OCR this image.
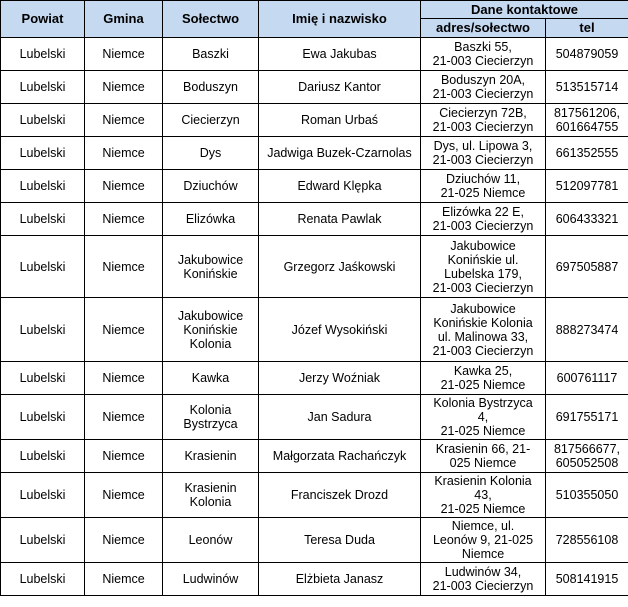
Powiat	Gmina	Sołectwo	Imię i nazwisko	Dane kontaktowe	
				adres/sołectwo	tel

Lubelski	Niemce	Baszki	Ewa Jakubas	Baszki 55,
21-003 Ciecierzyn	504879059

Lubelski	Niemce	Boduszyn	Dariusz Kantor	Boduszyn 20A,
21-003 Ciecierzyn	513515714

Lubelski	Niemce	Ciecierzyn	Roman Urbaś	Ciecierzyn 72B,
21-003 Ciecierzyn	817561206,
601664755

Lubelski	Niemce	Dys	Jadwiga Buzek-Czarnolas	Dys, ul. Lipowa 3,
21-003 Ciecierzyn	661352555

Lubelski	Niemce	Dziuchów	Edward Klępka	Dziuchów 11,
21-025 Niemce	512097781

Lubelski	Niemce	Elizówka	Renata Pawlak	Elizówka 22 E,
21-003 Ciecierzyn	606433321

Lubelski	Niemce	Jakubowice
Konińskie	Grzegorz Jaśkowski	Jakubowice
Konińskie ul.
Lubelska 179,
21-003 Ciecierzyn	697505887

Lubelski	Niemce	Jakubowice
Konińskie
Kolonia	Józef Wysokiński	Jakubowice
Konińskie Kolonia
ul. Malinowa 33,
21-003 Ciecierzyn	888273474

Lubelski	Niemce	Kawka	Jerzy Woźniak	Kawka 25,
21-025 Niemce	600761117

Lubelski	Niemce	Kolonia
Bystrzyca	Jan Sadura	Kolonia Bystrzyca
4,
21-025 Niemce	691755171

Lubelski	Niemce	Krasienin	Małgorzata Rachańczyk	Krasienin 66, 21-
025 Niemce	817566677,
605052508

Lubelski	Niemce	Krasienin
Kolonia	Franciszek Drozd	Krasienin Kolonia
43,
21-025 Niemce	510355050

Lubelski	Niemce	Leonów	Teresa Duda	Niemce, ul.
Leonów 9, 21-025
Niemce	728556108

Lubelski	Niemce	Ludwinów	Elżbieta Janasz	Ludwinów 34,
21-003 Ciecierzyn	508141915
